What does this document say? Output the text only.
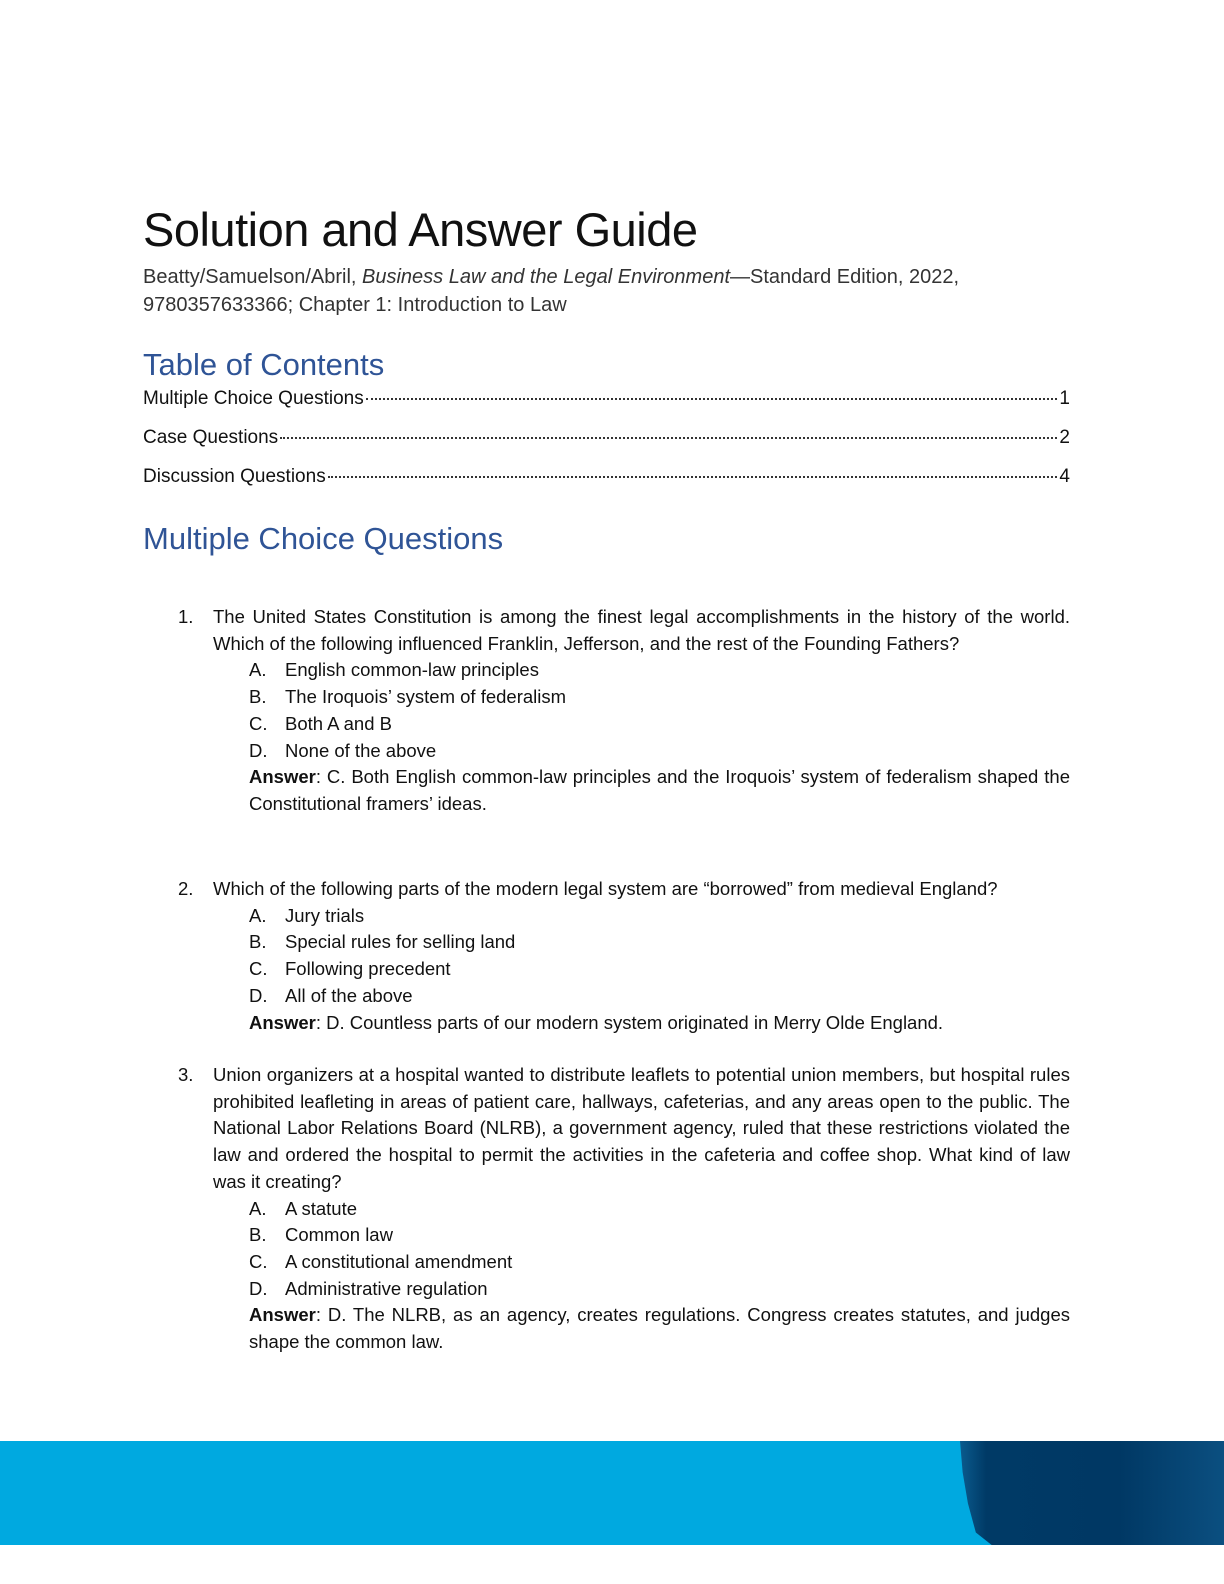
Solution and Answer Guide
Beatty/Samuelson/Abril, Business Law and the Legal Environment—Standard Edition, 2022,
9780357633366; Chapter 1: Introduction to Law
Table of Contents
Multiple Choice Questions	1
Case Questions	2
Discussion Questions	4
Multiple Choice Questions
1.	The United States Constitution is among the finest legal accomplishments in the history of the world. Which of the following influenced Franklin, Jefferson, and the rest of the Founding Fathers?
A.	English common-law principles
B.	The Iroquois’ system of federalism
C. Both A and B
D. None of the above
Answer: C. Both English common-law principles and the Iroquois’ system of federalism shaped the Constitutional framers’ ideas.
2.	Which of the following parts of the modern legal system are “borrowed” from medieval England?
A.	Jury trials
B.	Special rules for selling land
C. Following precedent
D. All of the above
Answer: D. Countless parts of our modern system originated in Merry Olde England.
3.	Union organizers at a hospital wanted to distribute leaflets to potential union members, but hospital rules prohibited leafleting in areas of patient care, hallways, cafeterias, and any areas open to the public. The National Labor Relations Board (NLRB), a government agency, ruled that these restrictions violated the law and ordered the hospital to permit the activities in the cafeteria and coffee shop. What kind of law was it creating?
A.	A statute
B.	Common law
C. A constitutional amendment
D. Administrative regulation
Answer: D. The NLRB, as an agency, creates regulations. Congress creates statutes, and judges shape the common law.
